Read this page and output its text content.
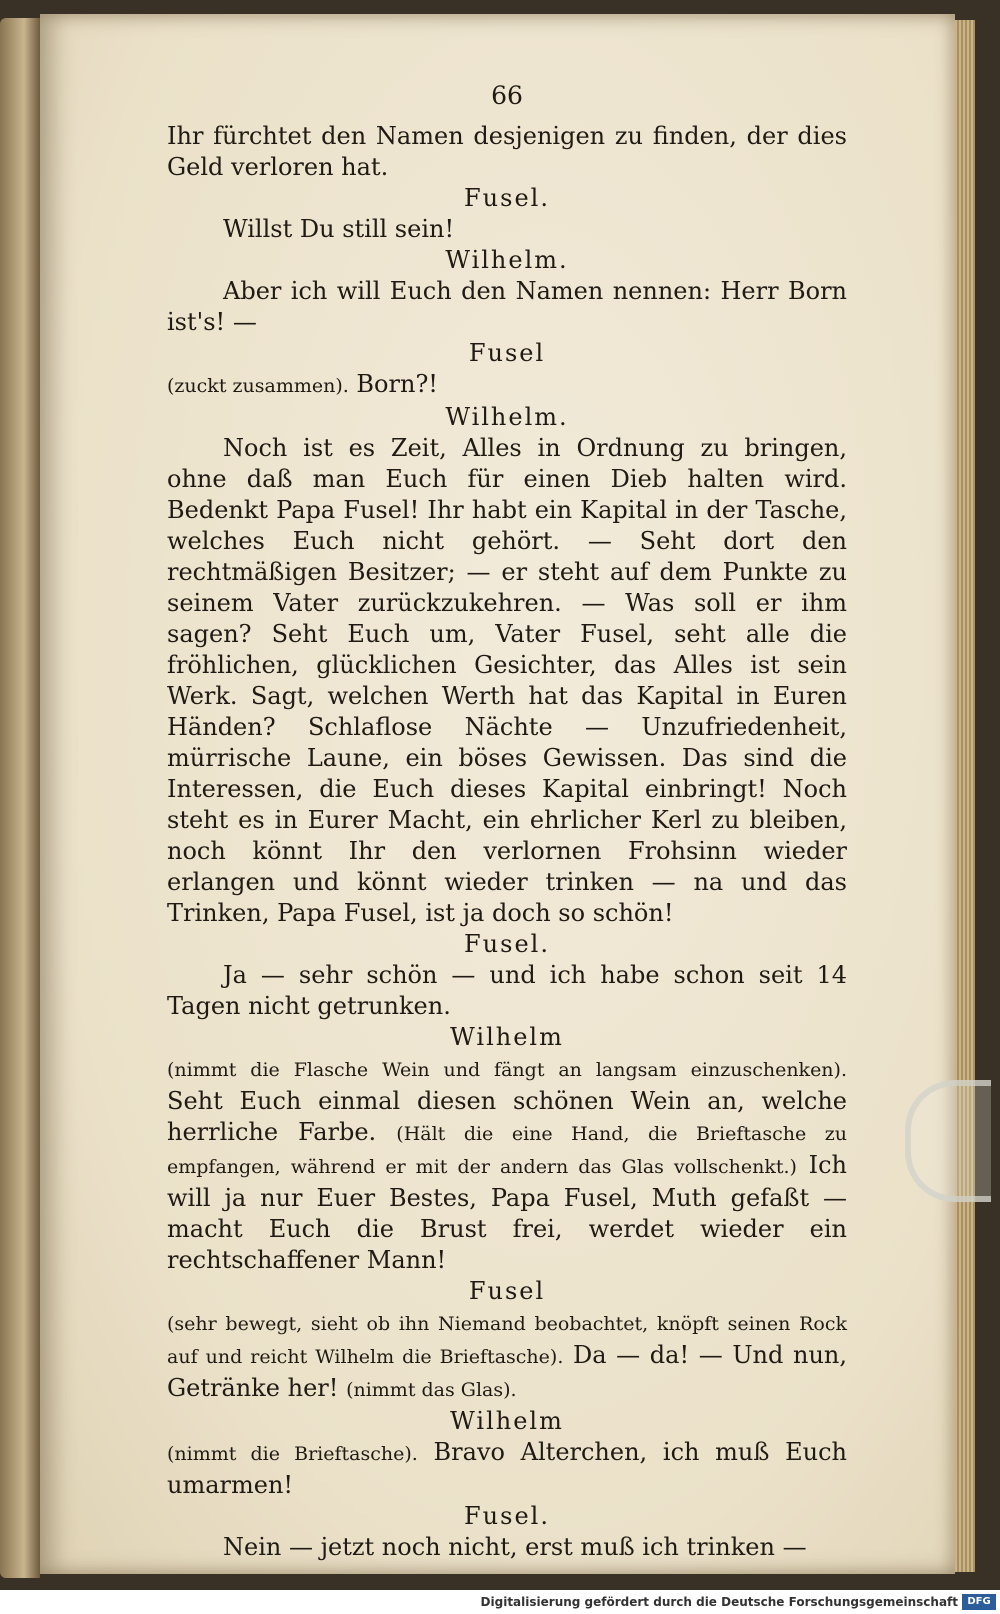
66

Ihr fürchtet den Namen desjenigen zu finden, der dies Geld verloren hat.

Fusel.

Willst Du still sein!

Wilhelm.

Aber ich will Euch den Namen nennen: Herr Born ist's! —

Fusel

(zuckt zusammen). Born?!

Wilhelm.

Noch ist es Zeit, Alles in Ordnung zu bringen, ohne daß man Euch für einen Dieb halten wird. Bedenkt Papa Fusel! Ihr habt ein Kapital in der Tasche, welches Euch nicht gehört. — Seht dort den rechtmäßigen Besitzer; — er steht auf dem Punkte zu seinem Vater zurückzukehren. — Was soll er ihm sagen? Seht Euch um, Vater Fusel, seht alle die fröhlichen, glücklichen Gesichter, das Alles ist sein Werk. Sagt, welchen Werth hat das Kapital in Euren Händen? Schlaflose Nächte — Unzufriedenheit, mürrische Laune, ein böses Gewissen. Das sind die Interessen, die Euch dieses Kapital einbringt! Noch steht es in Eurer Macht, ein ehrlicher Kerl zu bleiben, noch könnt Ihr den verlornen Frohsinn wieder erlangen und könnt wieder trinken — na und das Trinken, Papa Fusel, ist ja doch so schön!

Fusel.

Ja — sehr schön — und ich habe schon seit 14 Tagen nicht getrunken.

Wilhelm

(nimmt die Flasche Wein und fängt an langsam einzuschenken). Seht Euch einmal diesen schönen Wein an, welche herrliche Farbe. (Hält die eine Hand, die Brieftasche zu empfangen, während er mit der andern das Glas vollschenkt.) Ich will ja nur Euer Bestes, Papa Fusel, Muth gefaßt — macht Euch die Brust frei, werdet wieder ein rechtschaffener Mann!

Fusel

(sehr bewegt, sieht ob ihn Niemand beobachtet, knöpft seinen Rock auf und reicht Wilhelm die Brieftasche). Da — da! — Und nun, Getränke her! (nimmt das Glas).

Wilhelm

(nimmt die Brieftasche). Bravo Alterchen, ich muß Euch umarmen!

Fusel.

Nein — jetzt noch nicht, erst muß ich trinken —

Digitalisierung gefördert durch die Deutsche Forschungsgemeinschaft DFG
